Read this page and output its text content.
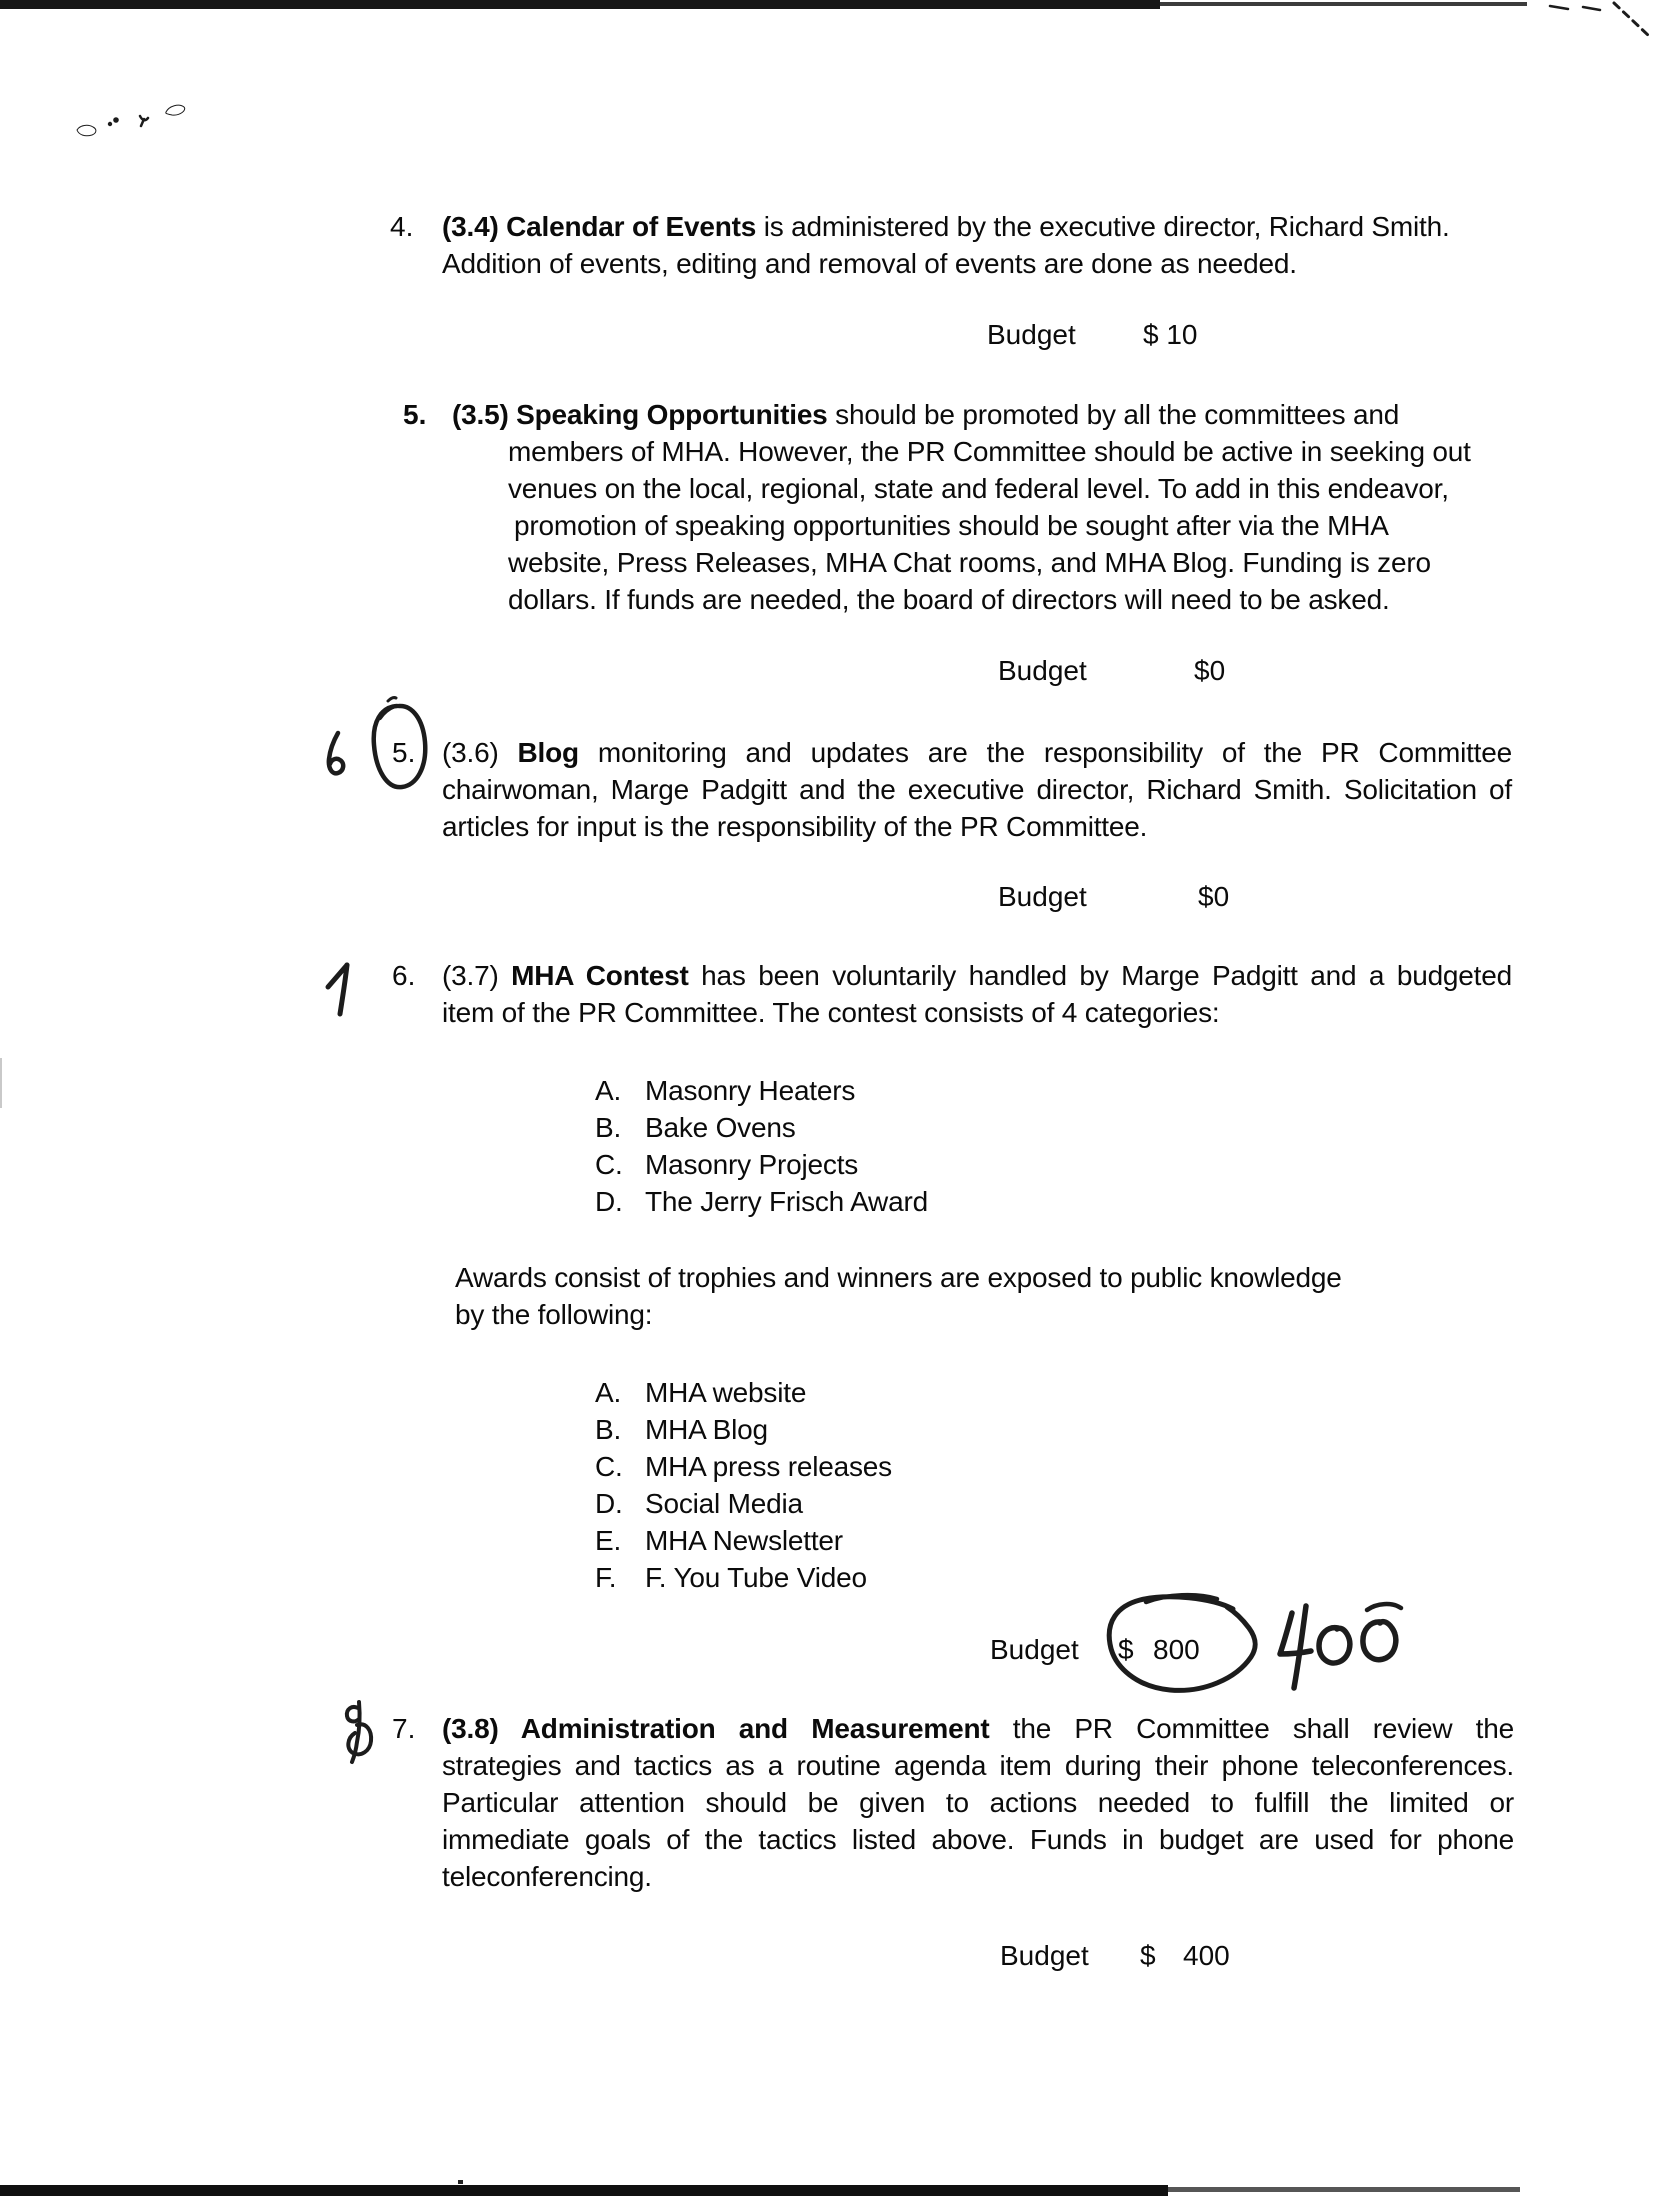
4. (3.4) Calendar of Events is administered by the executive director, Richard Smith.
Addition of events, editing and removal of events are done as needed.
Budget $ 10
5. (3.5) Speaking Opportunities should be promoted by all the committees and
members of MHA. However, the PR Committee should be active in seeking out
venues on the local, regional, state and federal level. To add in this endeavor,
promotion of speaking opportunities should be sought after via the MHA
website, Press Releases, MHA Chat rooms, and MHA Blog. Funding is zero
dollars. If funds are needed, the board of directors will need to be asked.
Budget	$0
5. (3.6) Blog monitoring and updates are the responsibility of the PR Committee
chairwoman, Marge Padgitt and the executive director, Richard Smith. Solicitation of
articles for input is the responsibility of the PR Committee.
Budget	$0
6. (3.7) MHA Contest has been voluntarily handled by Marge Padgitt and a budgeted
item of the PR Committee. The contest consists of 4 categories:
A. Masonry Heaters
B. Bake Ovens
C. Masonry Projects
D. The Jerry Frisch Award
Awards consist of trophies and winners are exposed to public knowledge
by the following:
A. MHA website
B. MHA Blog
C. MHA press releases
D. Social Media
E. MHA Newsletter
F. F. You Tube Video
Budget $ 800
7. (3.8) Administration and Measurement the PR Committee shall review the
strategies and tactics as a routine agenda item during their phone teleconferences.
Particular attention should be given to actions needed to fulfill the limited or
immediate goals of the tactics listed above. Funds in budget are used for phone
teleconferencing.
Budget $ 400
